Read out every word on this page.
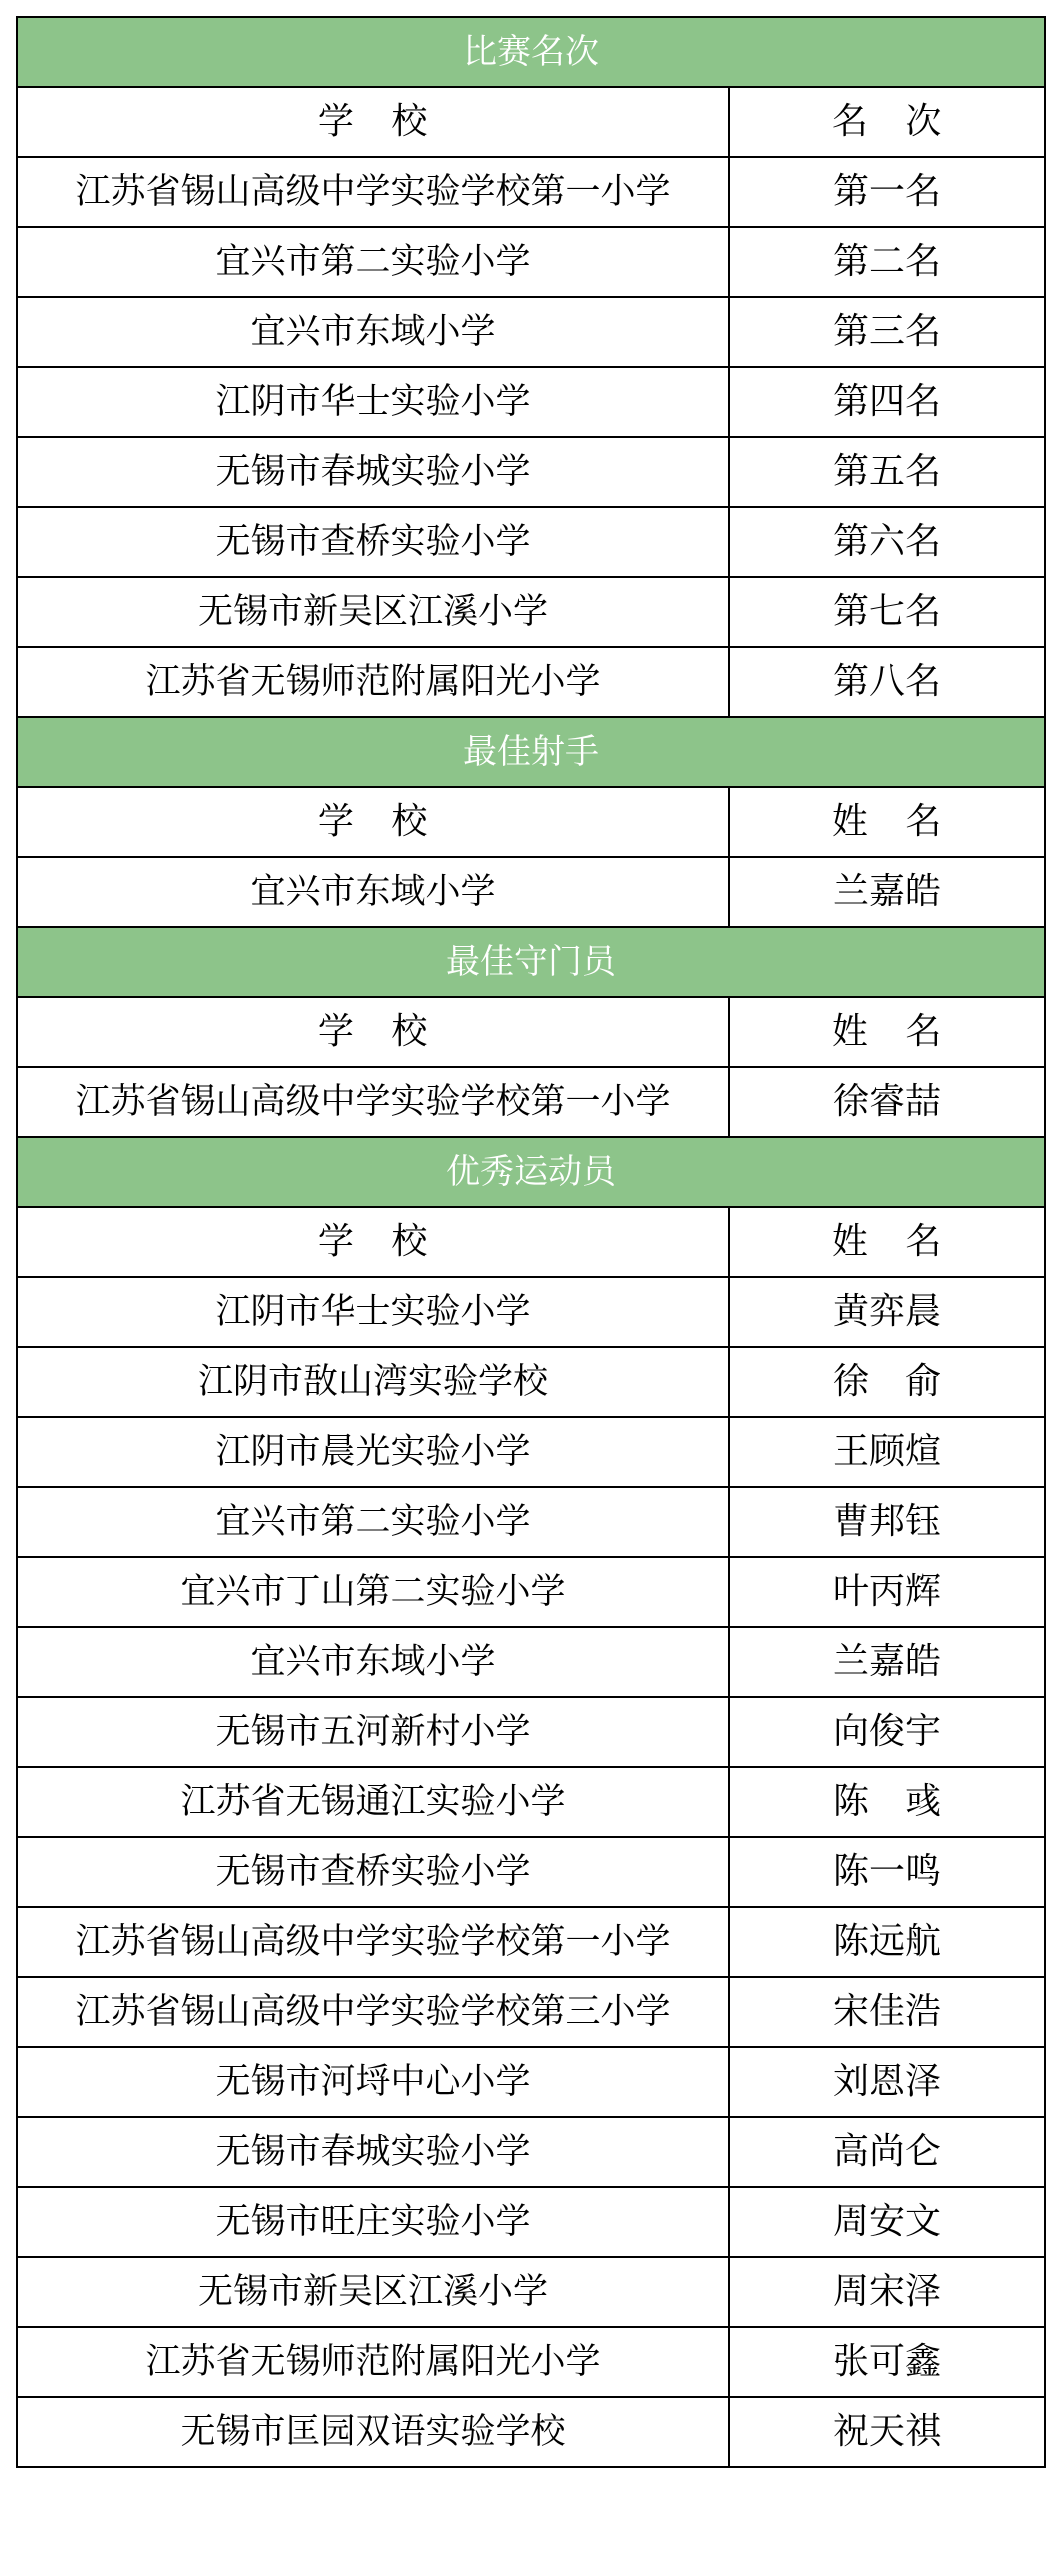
比赛名次	
学　校	名　次
江苏省锡山高级中学实验学校第一小学	第一名
宜兴市第二实验小学	第二名
宜兴市东域小学	第三名
江阴市华士实验小学	第四名
无锡市春城实验小学	第五名
无锡市查桥实验小学	第六名
无锡市新吴区江溪小学	第七名
江苏省无锡师范附属阳光小学	第八名
最佳射手	
学　校	姓　名
宜兴市东域小学	兰嘉皓
最佳守门员	
学　校	姓　名
江苏省锡山高级中学实验学校第一小学	徐睿喆
优秀运动员	
学　校	姓　名
江阴市华士实验小学	黄弈晨
江阴市敔山湾实验学校	徐　俞
江阴市晨光实验小学	王顾煊
宜兴市第二实验小学	曹邦钰
宜兴市丁山第二实验小学	叶丙辉
宜兴市东域小学	兰嘉皓
无锡市五河新村小学	向俊宇
江苏省无锡通江实验小学	陈　彧
无锡市查桥实验小学	陈一鸣
江苏省锡山高级中学实验学校第一小学	陈远航
江苏省锡山高级中学实验学校第三小学	宋佳浩
无锡市河埒中心小学	刘恩泽
无锡市春城实验小学	高尚仑
无锡市旺庄实验小学	周安文
无锡市新吴区江溪小学	周宋泽
江苏省无锡师范附属阳光小学	张可鑫
无锡市匡园双语实验学校	祝天祺
